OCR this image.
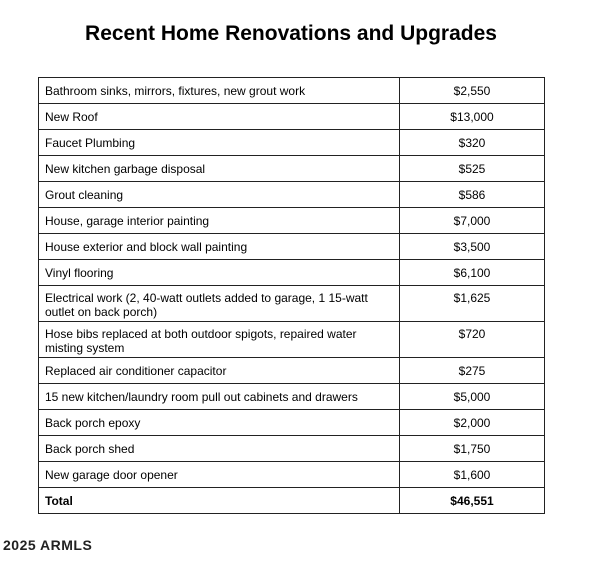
Recent Home Renovations and Upgrades
Bathroom sinks, mirrors, fixtures, new grout work	$2,550
New Roof	$13,000
Faucet Plumbing	$320
New kitchen garbage disposal	$525
Grout cleaning	$586
House, garage interior painting	$7,000
House exterior and block wall painting	$3,500
Vinyl flooring	$6,100
Electrical work (2, 40-watt outlets added to garage, 1 15-watt outlet on back porch)	$1,625
Hose bibs replaced at both outdoor spigots, repaired water misting system	$720
Replaced air conditioner capacitor	$275
15 new kitchen/laundry room pull out cabinets and drawers	$5,000
Back porch epoxy	$2,000
Back porch shed	$1,750
New garage door opener	$1,600
Total	$46,551
2025 ARMLS
